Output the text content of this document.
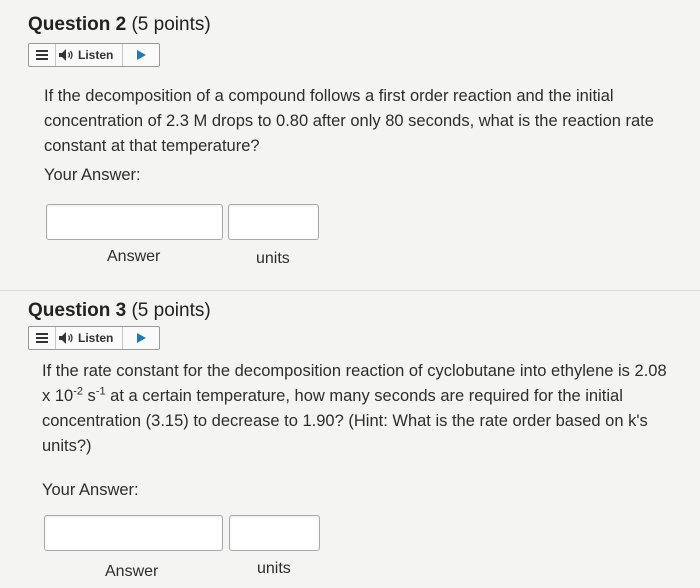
Question 2 (5 points)
Listen
If the decomposition of a compound follows a first order reaction and the initial concentration of 2.3 M drops to 0.80 after only 80 seconds, what is the reaction rate constant at that temperature?
Your Answer:
Answer	units
Question 3 (5 points)
Listen
If the rate constant for the decomposition reaction of cyclobutane into ethylene is 2.08 x $10^{-2}$ $s^{-1}$ at a certain temperature, how many seconds are required for the initial concentration (3.15) to decrease to 1.90? (Hint: What is the rate order based on k's units?)
Your Answer:
Answer	units
